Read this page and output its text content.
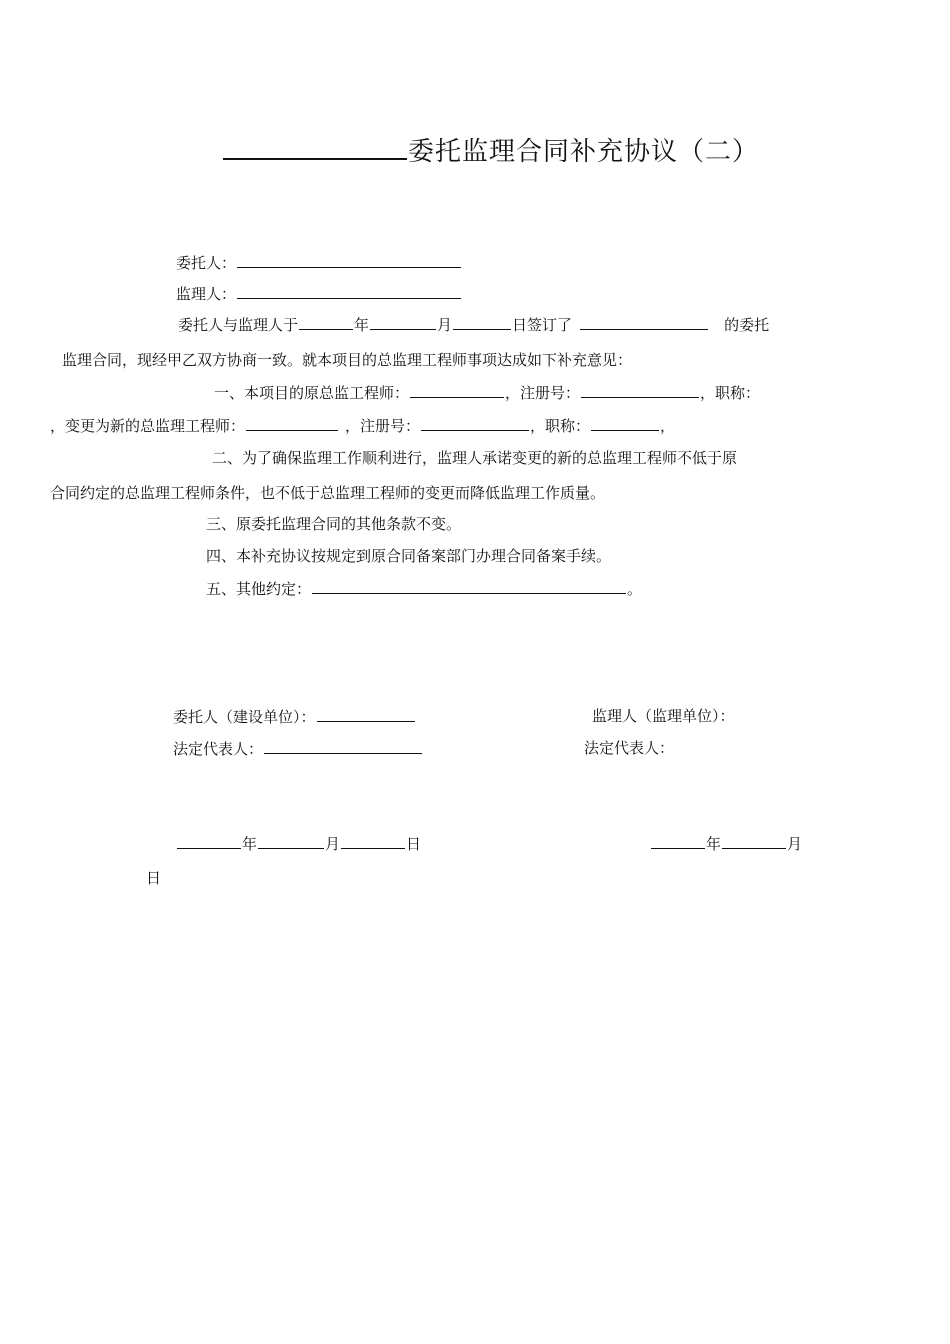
委托监理合同补充协议（二）
委托人：
监理人：
委托人与监理人于	年	月	日签订了	的委托
监理合同，现经甲乙双方协商一致。就本项目的总监理工程师事项达成如下补充意见：
一、本项目的原总监工程师：	，注册号：	，职称：
，变更为新的总监理工程师：	，注册号：	，职称：	，
二、为了确保监理工作顺利进行，监理人承诺变更的新的总监理工程师不低于原
合同约定的总监理工程师条件，也不低于总监理工程师的变更而降低监理工作质量。
三、原委托监理合同的其他条款不变。
四、本补充协议按规定到原合同备案部门办理合同备案手续。
五、其他约定：	。
委托人（建设单位）：	监理人（监理单位）：
法定代表人：	法定代表人：
年	月	日	年	月
日
